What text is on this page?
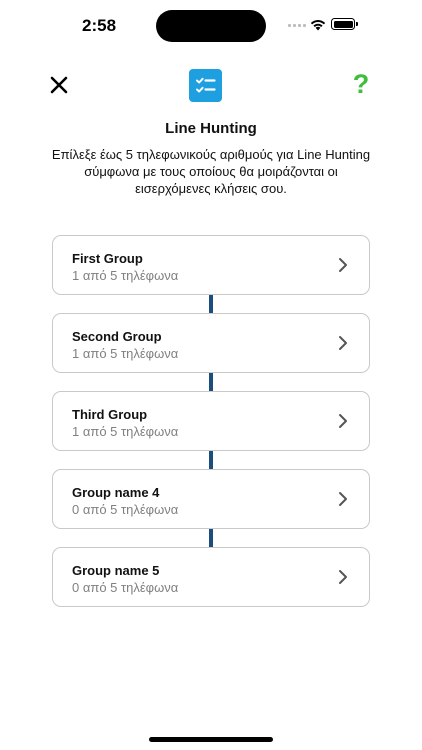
2:58
?
Line Hunting
Επίλεξε έως 5 τηλεφωνικούς αριθμούς για Line Hunting σύμφωνα με τους οποίους θα μοιράζονται οι εισερχόμενες κλήσεις σου.
First Group
1 από 5 τηλέφωνα
Second Group
1 από 5 τηλέφωνα
Third Group
1 από 5 τηλέφωνα
Group name 4
0 από 5 τηλέφωνα
Group name 5
0 από 5 τηλέφωνα
